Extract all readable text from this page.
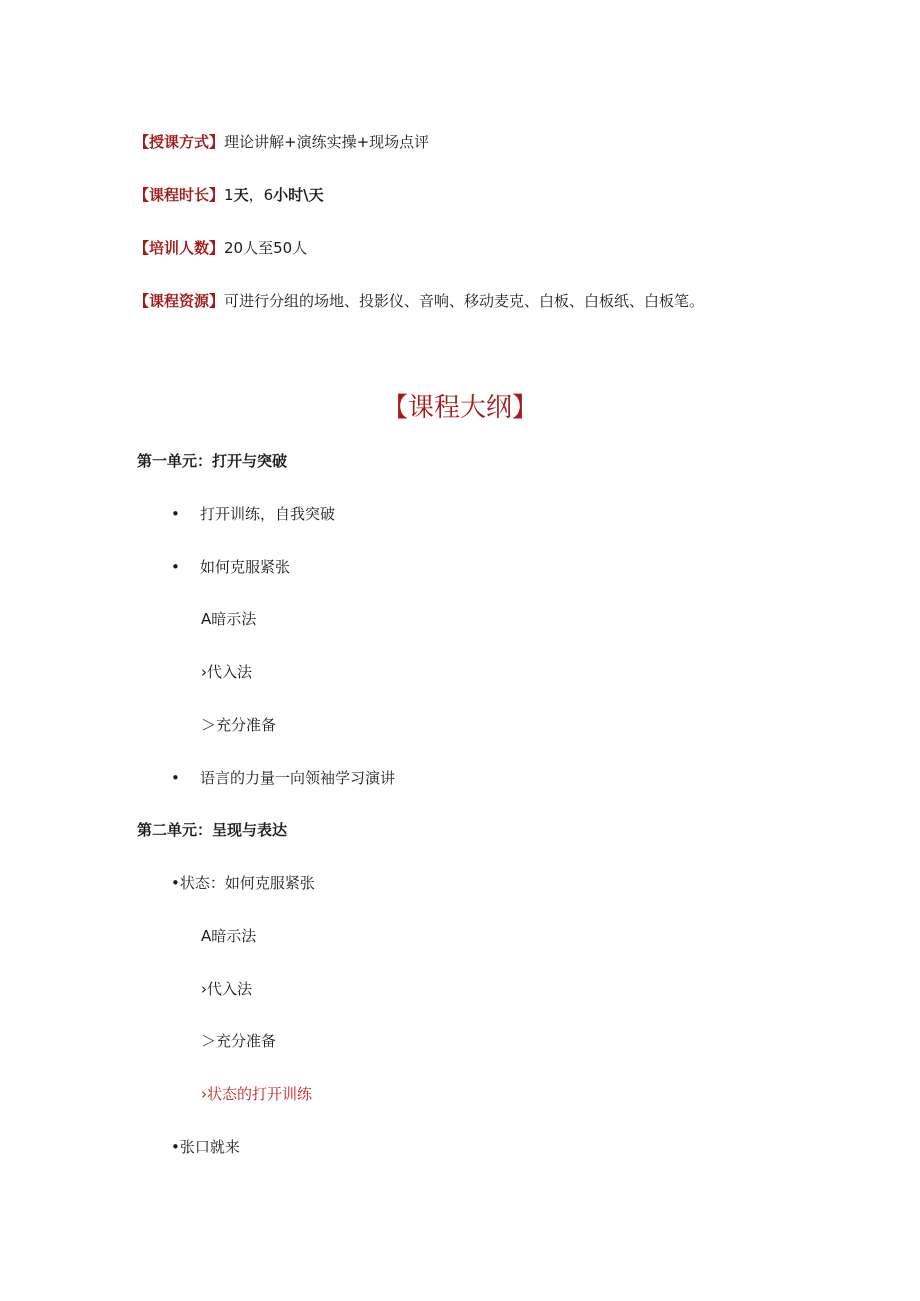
【授课方式】理论讲解+演练实操+现场点评
【课程时长】1天，6小时\天
【培训人数】20人至50人
【课程资源】可进行分组的场地、投影仪、音响、移动麦克、白板、白板纸、白板笔。
【课程大纲】
第一单元：打开与突破
• 打开训练，自我突破
• 如何克服紧张
A暗示法
›代入法
＞充分准备
• 语言的力量一向领袖学习演讲
第二单元：呈现与表达
•状态：如何克服紧张
A暗示法
›代入法
＞充分准备
›状态的打开训练
•张口就来
